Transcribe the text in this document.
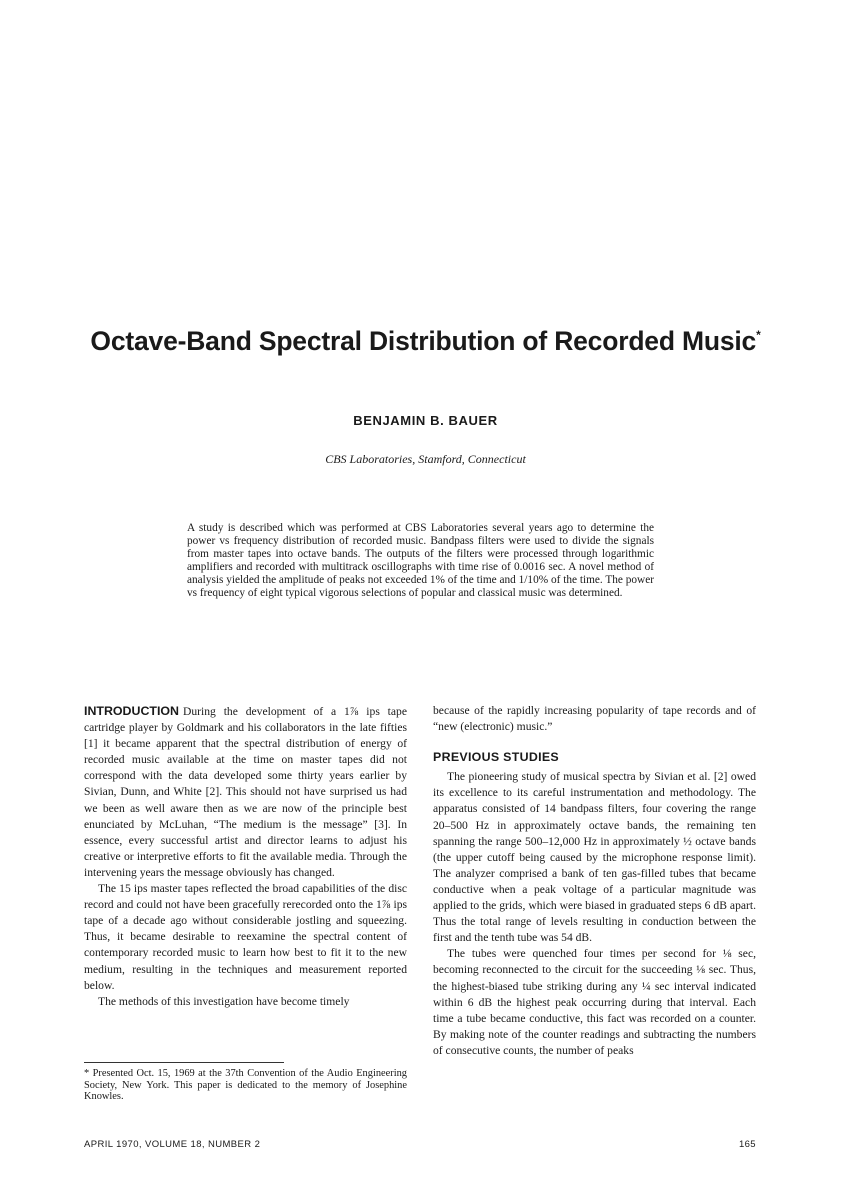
Octave-Band Spectral Distribution of Recorded Music*
BENJAMIN B. BAUER
CBS Laboratories, Stamford, Connecticut

A study is described which was performed at CBS Laboratories several years ago to determine the power vs frequency distribution of recorded music. Bandpass filters were used to divide the signals from master tapes into octave bands. The outputs of the filters were processed through logarithmic amplifiers and recorded with multitrack oscillographs with time rise of 0.0016 sec. A novel method of analysis yielded the amplitude of peaks not exceeded 1% of the time and 1/10% of the time. The power vs frequency of eight typical vigorous selections of popular and classical music was determined.

INTRODUCTION During the development of a 1⅞ ips tape cartridge player by Goldmark and his collaborators in the late fifties [1] it became apparent that the spectral distribution of energy of recorded music available at the time on master tapes did not correspond with the data developed some thirty years earlier by Sivian, Dunn, and White [2]. This should not have surprised us had we been as well aware then as we are now of the principle best enunciated by McLuhan, “The medium is the message” [3]. In essence, every successful artist and director learns to adjust his creative or interpretive efforts to fit the available media. Through the intervening years the message obviously has changed.

The 15 ips master tapes reflected the broad capabilities of the disc record and could not have been gracefully rerecorded onto the 1⅞ ips tape of a decade ago without considerable jostling and squeezing. Thus, it became desirable to reexamine the spectral content of contemporary recorded music to learn how best to fit it to the new medium, resulting in the techniques and measurement reported below.

The methods of this investigation have become timely

because of the rapidly increasing popularity of tape records and of “new (electronic) music.”

PREVIOUS STUDIES

The pioneering study of musical spectra by Sivian et al. [2] owed its excellence to its careful instrumentation and methodology. The apparatus consisted of 14 bandpass filters, four covering the range 20–500 Hz in approximately octave bands, the remaining ten spanning the range 500–12,000 Hz in approximately ½ octave bands (the upper cutoff being caused by the microphone response limit). The analyzer comprised a bank of ten gas-filled tubes that became conductive when a peak voltage of a particular magnitude was applied to the grids, which were biased in graduated steps 6 dB apart. Thus the total range of levels resulting in conduction between the first and the tenth tube was 54 dB.

The tubes were quenched four times per second for ⅛ sec, becoming reconnected to the circuit for the succeeding ⅛ sec. Thus, the highest-biased tube striking during any ¼ sec interval indicated within 6 dB the highest peak occurring during that interval. Each time a tube became conductive, this fact was recorded on a counter. By making note of the counter readings and subtracting the numbers of consecutive counts, the number of peaks

* Presented Oct. 15, 1969 at the 37th Convention of the Audio Engineering Society, New York. This paper is dedicated to the memory of Josephine Knowles.
APRIL 1970, VOLUME 18, NUMBER 2	165
